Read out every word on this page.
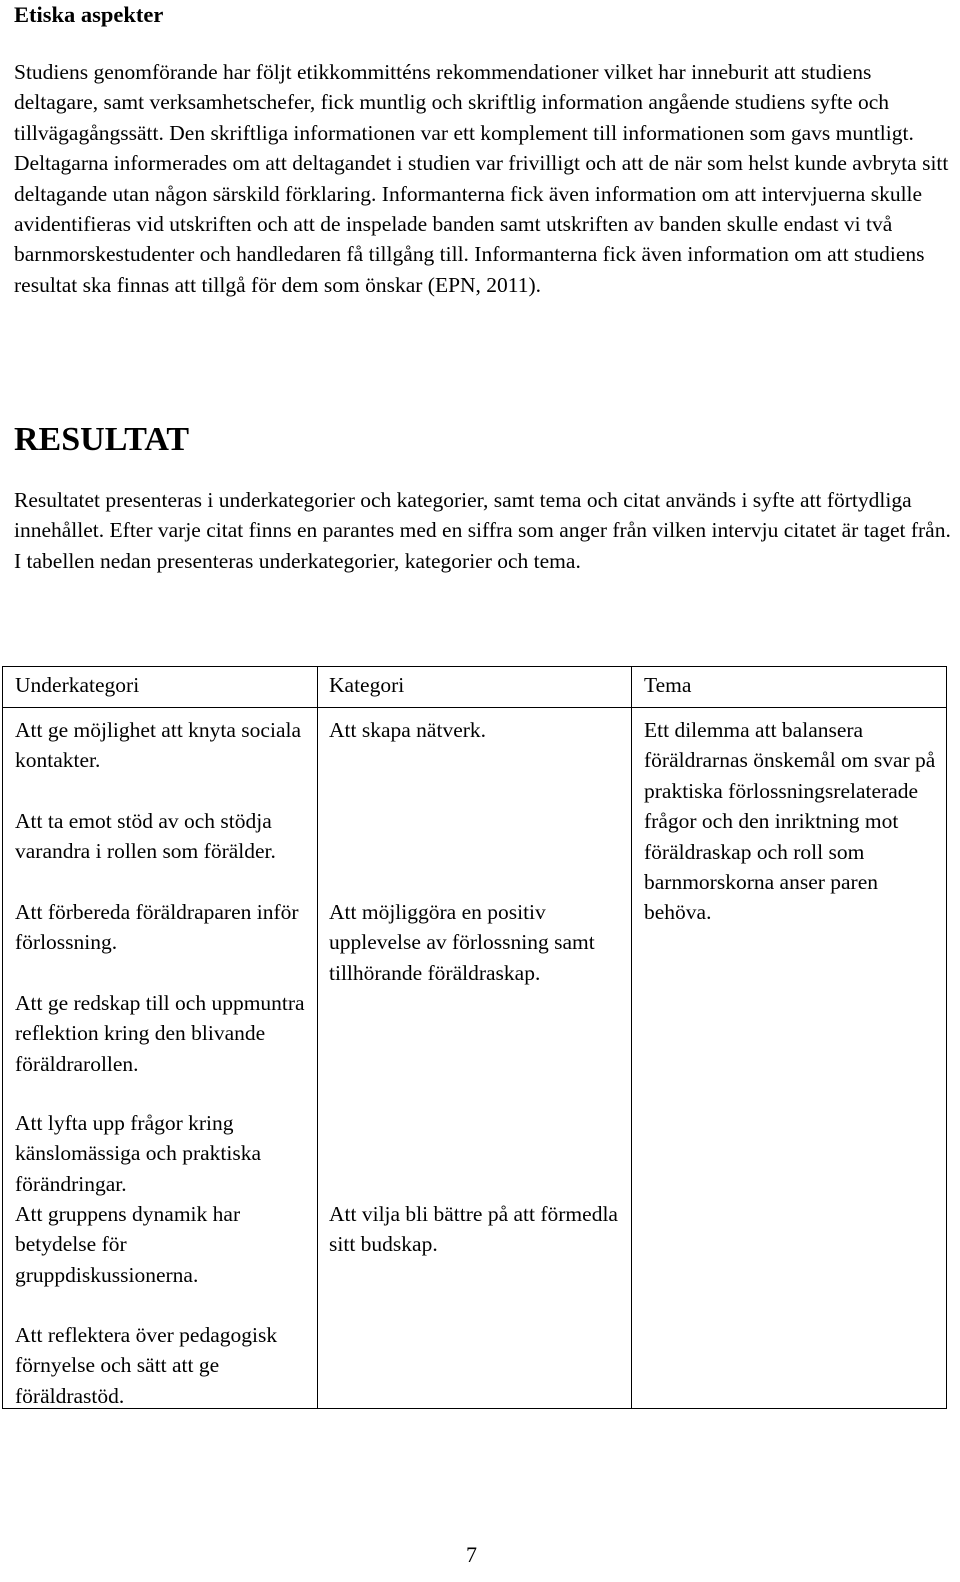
Etiska aspekter

Studiens genomförande har följt etikkommitténs rekommendationer vilket har inneburit att studiens deltagare, samt verksamhetschefer, fick muntlig och skriftlig information angående studiens syfte och tillvägagångssätt. Den skriftliga informationen var ett komplement till informationen som gavs muntligt. Deltagarna informerades om att deltagandet i studien var frivilligt och att de när som helst kunde avbryta sitt deltagande utan någon särskild förklaring. Informanterna fick även information om att intervjuerna skulle avidentifieras vid utskriften och att de inspelade banden samt utskriften av banden skulle endast vi två barnmorskestudenter och handledaren få tillgång till. Informanterna fick även information om att studiens resultat ska finnas att tillgå för dem som önskar (EPN, 2011).

RESULTAT

Resultatet presenteras i underkategorier och kategorier, samt tema och citat används i syfte att förtydliga innehållet. Efter varje citat finns en parantes med en siffra som anger från vilken intervju citatet är taget från. I tabellen nedan presenteras underkategorier, kategorier och tema.

Underkategori	Kategori	Tema

Att ge möjlighet att knyta sociala kontakter.

Att ta emot stöd av och stödja varandra i rollen som förälder.

Att förbereda föräldraparen inför förlossning.

Att ge redskap till och uppmuntra reflektion kring den blivande föräldrarollen.

Att lyfta upp frågor kring känslomässiga och praktiska förändringar.

Att gruppens dynamik har betydelse för gruppdiskussionerna.

Att reflektera över pedagogisk förnyelse och sätt att ge föräldrastöd.

Att skapa nätverk.

Att möjliggöra en positiv upplevelse av förlossning samt tillhörande föräldraskap.

Att vilja bli bättre på att förmedla sitt budskap.

Ett dilemma att balansera föräldrarnas önskemål om svar på praktiska förlossningsrelaterade frågor och den inriktning mot föräldraskap och roll som barnmorskorna anser paren behöva.

7
